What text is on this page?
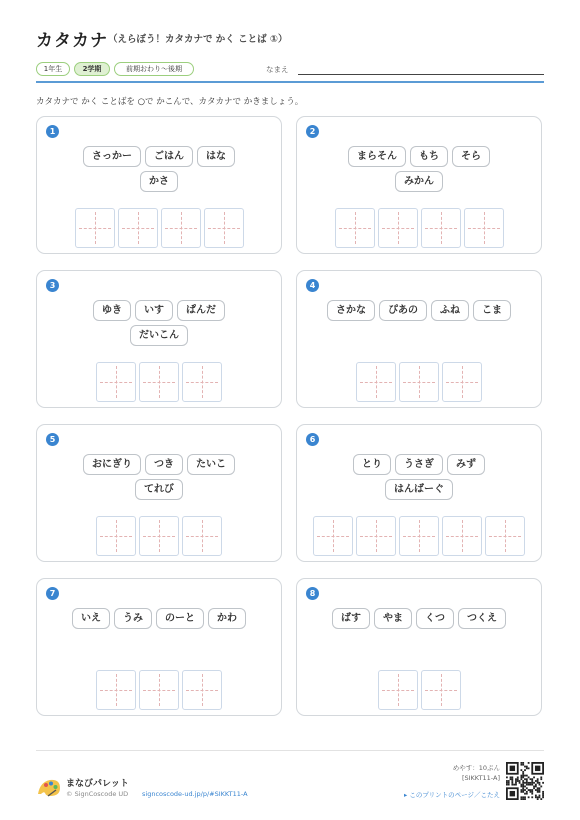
カタカナ （えらぼう！カタカナで かく ことば ①）
1年生	2学期	前期おわり〜後期	なまえ
カタカナで かく ことばを ○で かこんで、カタカナで かきましょう。
1
さっかー	ごはん	はな
かさ
2
まらそん	もち	そら
みかん
3
ゆき	いす	ぱんだ
だいこん
4
さかな	ぴあの	ふね	こま
5
おにぎり	つき	たいこ
てれび
6
とり	うさぎ	みず
はんばーぐ
7
いえ	うみ	のーと	かわ
8
ばす	やま	くつ	つくえ
まなびパレット
© SignCoscode UD signcoscode-ud.jp/p/#SIKKT11-A
めやす：10ぷん
[SIKKT11-A]
▸ このプリントのページ／こたえ
